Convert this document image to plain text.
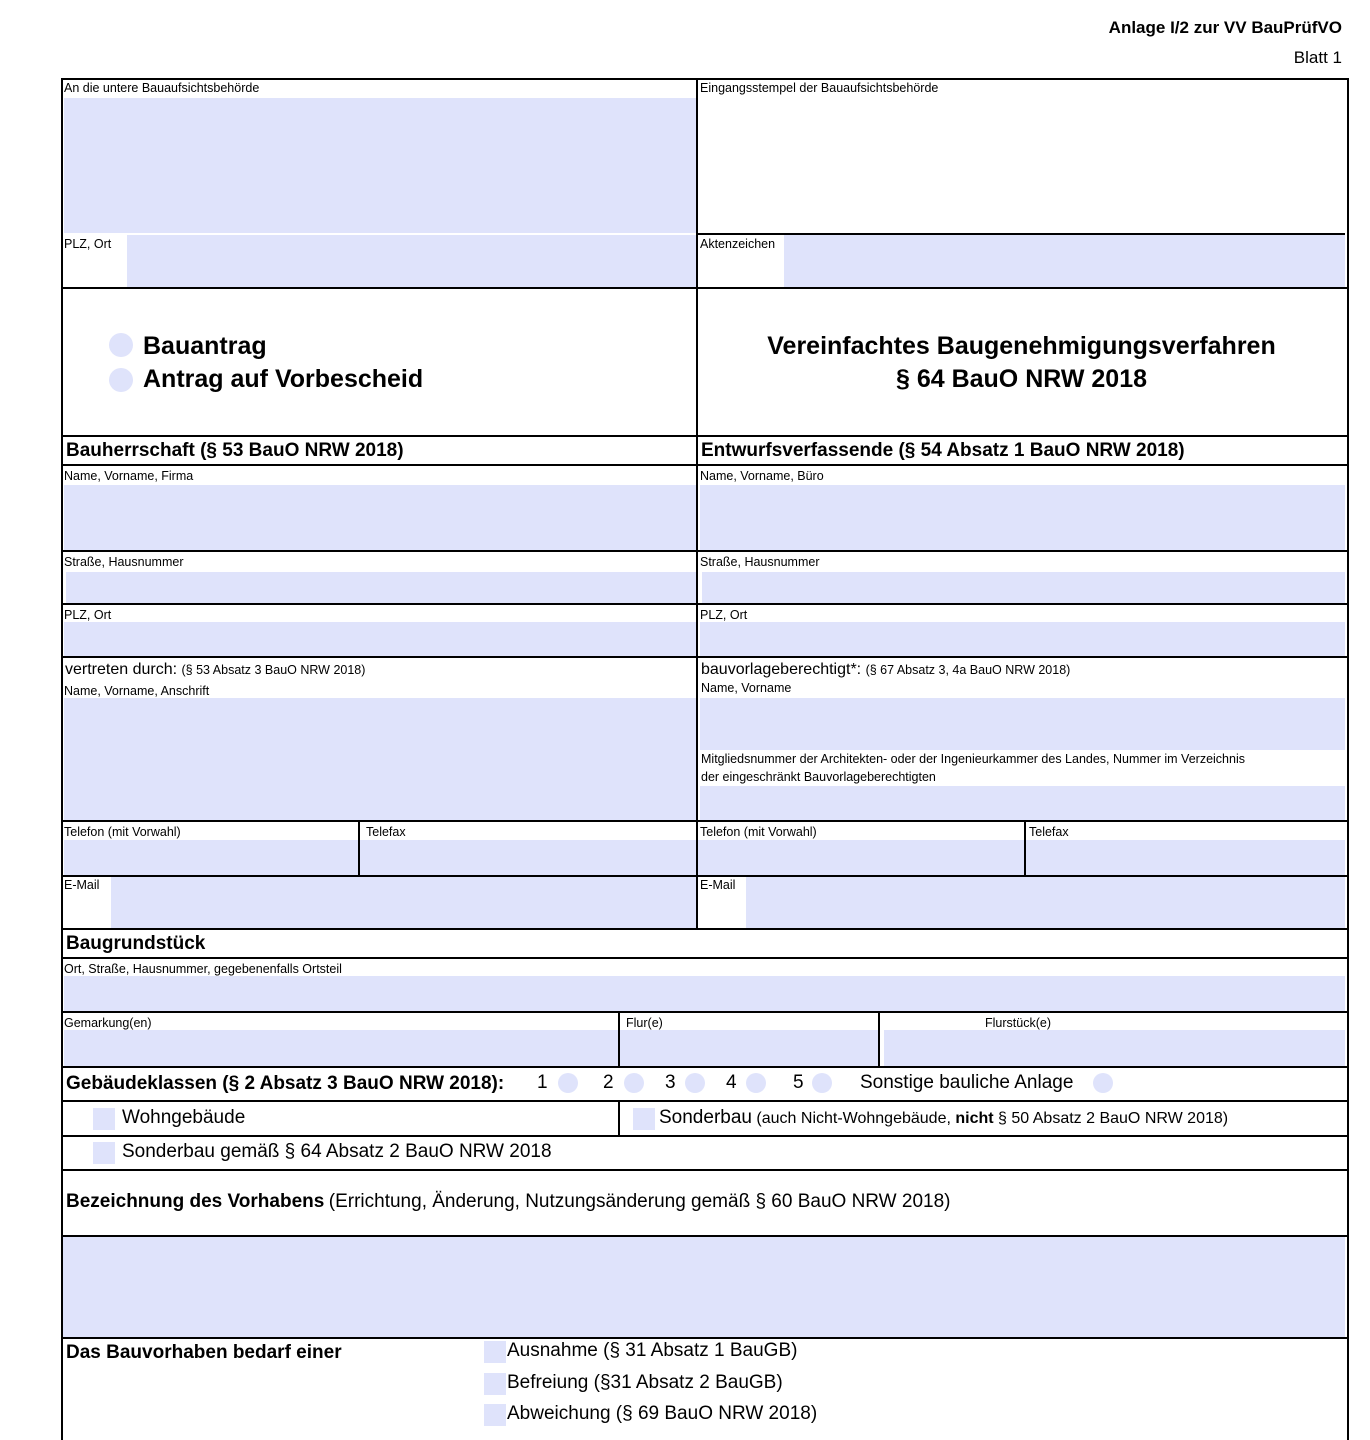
Anlage I/2 zur VV BauPrüfVO
Blatt 1
An die untere Bauaufsichtsbehörde	Eingangsstempel der Bauaufsichtsbehörde
PLZ, Ort	Aktenzeichen
Bauantrag
Antrag auf Vorbescheid
Vereinfachtes Baugenehmigungsverfahren
§ 64 BauO NRW 2018
Bauherrschaft (§ 53 BauO NRW 2018)	Entwurfsverfassende (§ 54 Absatz 1 BauO NRW 2018)
Name, Vorname, Firma	Name, Vorname, Büro
Straße, Hausnummer	Straße, Hausnummer
PLZ, Ort	PLZ, Ort
vertreten durch: (§ 53 Absatz 3 BauO NRW 2018)
Name, Vorname, Anschrift
bauvorlageberechtigt*: (§ 67 Absatz 3, 4a BauO NRW 2018)
Name, Vorname
Mitgliedsnummer der Architekten- oder der Ingenieurkammer des Landes, Nummer im Verzeichnis
der eingeschränkt Bauvorlageberechtigten
Telefon (mit Vorwahl)	Telefax	Telefon (mit Vorwahl)	Telefax
E-Mail	E-Mail
Baugrundstück
Ort, Straße, Hausnummer, gegebenenfalls Ortsteil
Gemarkung(en)	Flur(e)	Flurstück(e)
Gebäudeklassen (§ 2 Absatz 3 BauO NRW 2018): 1	2	3	4	5	Sonstige bauliche Anlage
Wohngebäude	Sonderbau (auch Nicht-Wohngebäude, nicht § 50 Absatz 2 BauO NRW 2018)
Sonderbau gemäß § 64 Absatz 2 BauO NRW 2018
Bezeichnung des Vorhabens (Errichtung, Änderung, Nutzungsänderung gemäß § 60 BauO NRW 2018)
Das Bauvorhaben bedarf einer	Ausnahme (§ 31 Absatz 1 BauGB)
Befreiung (§31 Absatz 2 BauGB)
Abweichung (§ 69 BauO NRW 2018)
